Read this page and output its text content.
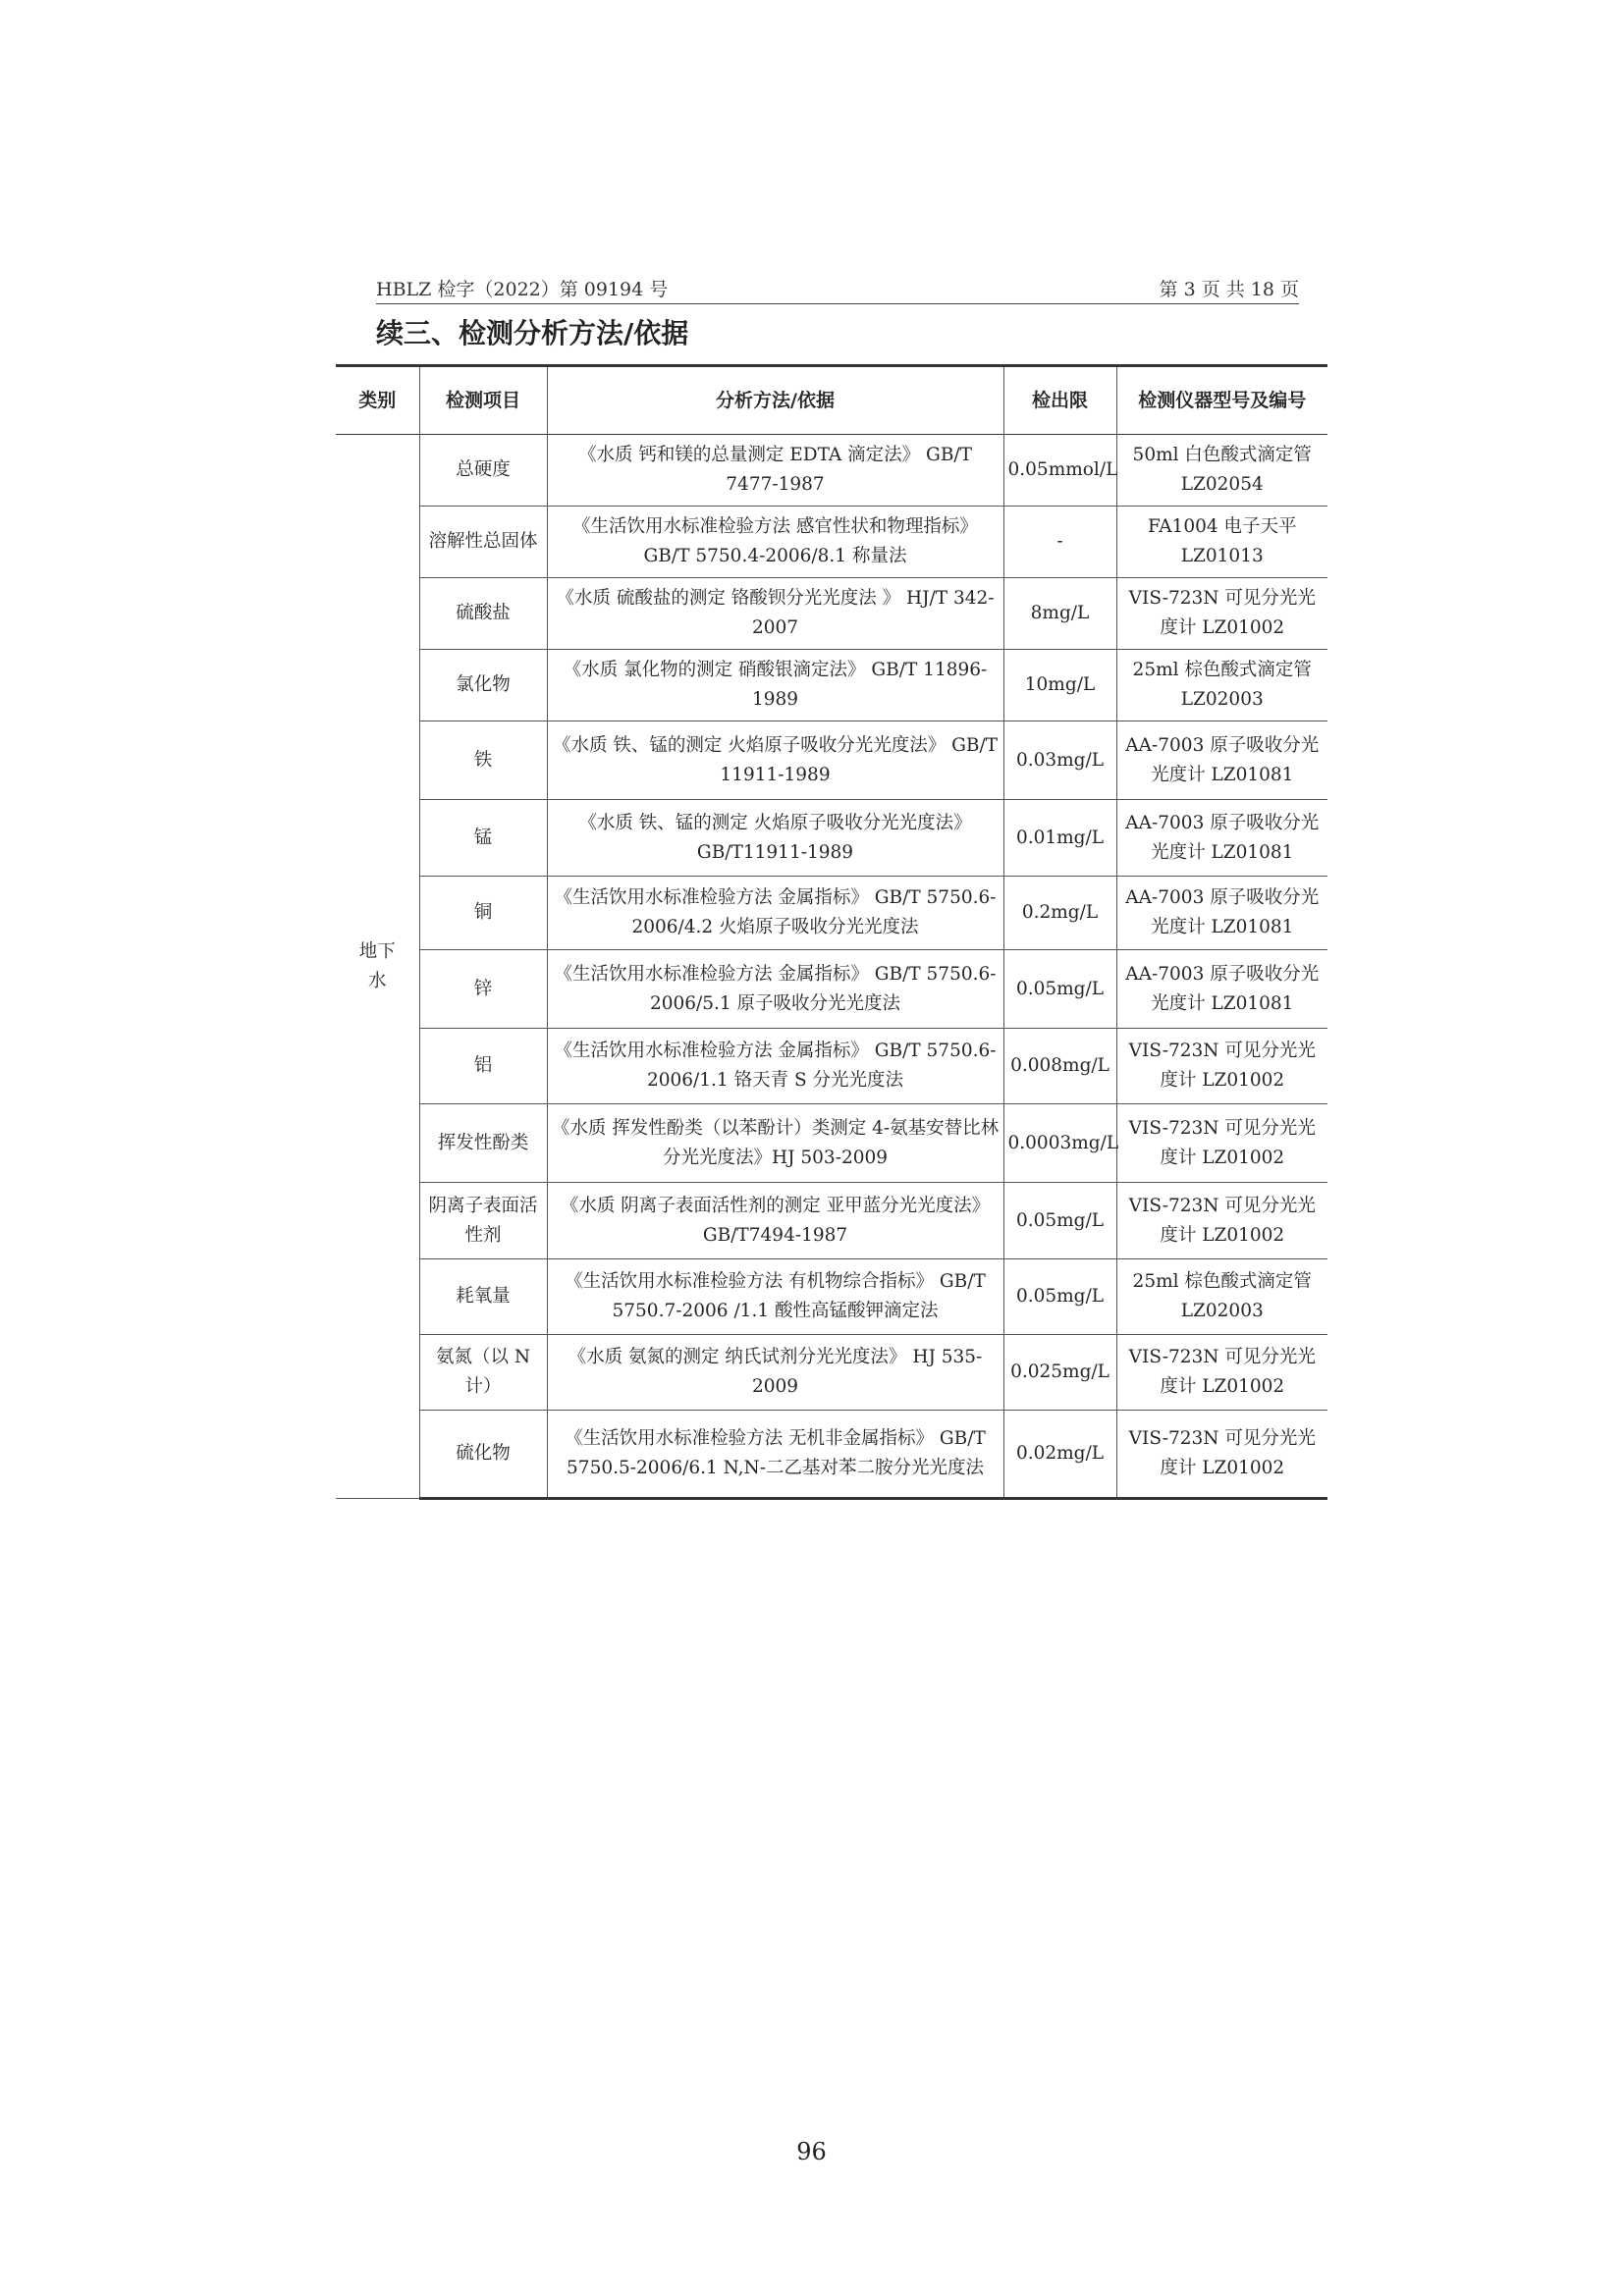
HBLZ 检字（2022）第 09194 号	第 3 页 共 18 页
续三、检测分析方法/依据
类别	检测项目	分析方法/依据	检出限	检测仪器型号及编号
地下水	总硬度	《水质 钙和镁的总量测定 EDTA 滴定法》 GB/T 7477-1987	0.05mmol/L	50ml 白色酸式滴定管 LZ02054
	溶解性总固体	《生活饮用水标准检验方法 感官性状和物理指标》 GB/T 5750.4-2006/8.1 称量法	-	FA1004 电子天平 LZ01013
	硫酸盐	《水质 硫酸盐的测定 铬酸钡分光光度法 》 HJ/T 342-2007	8mg/L	VIS-723N 可见分光光度计 LZ01002
	氯化物	《水质 氯化物的测定 硝酸银滴定法》 GB/T 11896-1989	10mg/L	25ml 棕色酸式滴定管 LZ02003
	铁	《水质 铁、锰的测定 火焰原子吸收分光光度法》 GB/T 11911-1989	0.03mg/L	AA-7003 原子吸收分光光度计 LZ01081
	锰	《水质 铁、锰的测定 火焰原子吸收分光光度法》 GB/T11911-1989	0.01mg/L	AA-7003 原子吸收分光光度计 LZ01081
	铜	《生活饮用水标准检验方法 金属指标》 GB/T 5750.6-2006/4.2 火焰原子吸收分光光度法	0.2mg/L	AA-7003 原子吸收分光光度计 LZ01081
	锌	《生活饮用水标准检验方法 金属指标》 GB/T 5750.6-2006/5.1 原子吸收分光光度法	0.05mg/L	AA-7003 原子吸收分光光度计 LZ01081
	铝	《生活饮用水标准检验方法 金属指标》 GB/T 5750.6-2006/1.1 铬天青 S 分光光度法	0.008mg/L	VIS-723N 可见分光光度计 LZ01002
	挥发性酚类	《水质 挥发性酚类（以苯酚计）类测定 4-氨基安替比林分光光度法》HJ 503-2009	0.0003mg/L	VIS-723N 可见分光光度计 LZ01002
	阴离子表面活性剂	《水质 阴离子表面活性剂的测定 亚甲蓝分光光度法》GB/T7494-1987	0.05mg/L	VIS-723N 可见分光光度计 LZ01002
	耗氧量	《生活饮用水标准检验方法 有机物综合指标》 GB/T 5750.7-2006 /1.1 酸性高锰酸钾滴定法	0.05mg/L	25ml 棕色酸式滴定管 LZ02003
	氨氮（以 N 计）	《水质 氨氮的测定 纳氏试剂分光光度法》 HJ 535-2009	0.025mg/L	VIS-723N 可见分光光度计 LZ01002
	硫化物	《生活饮用水标准检验方法 无机非金属指标》 GB/T 5750.5-2006/6.1 N,N-二乙基对苯二胺分光光度法	0.02mg/L	VIS-723N 可见分光光度计 LZ01002
96
